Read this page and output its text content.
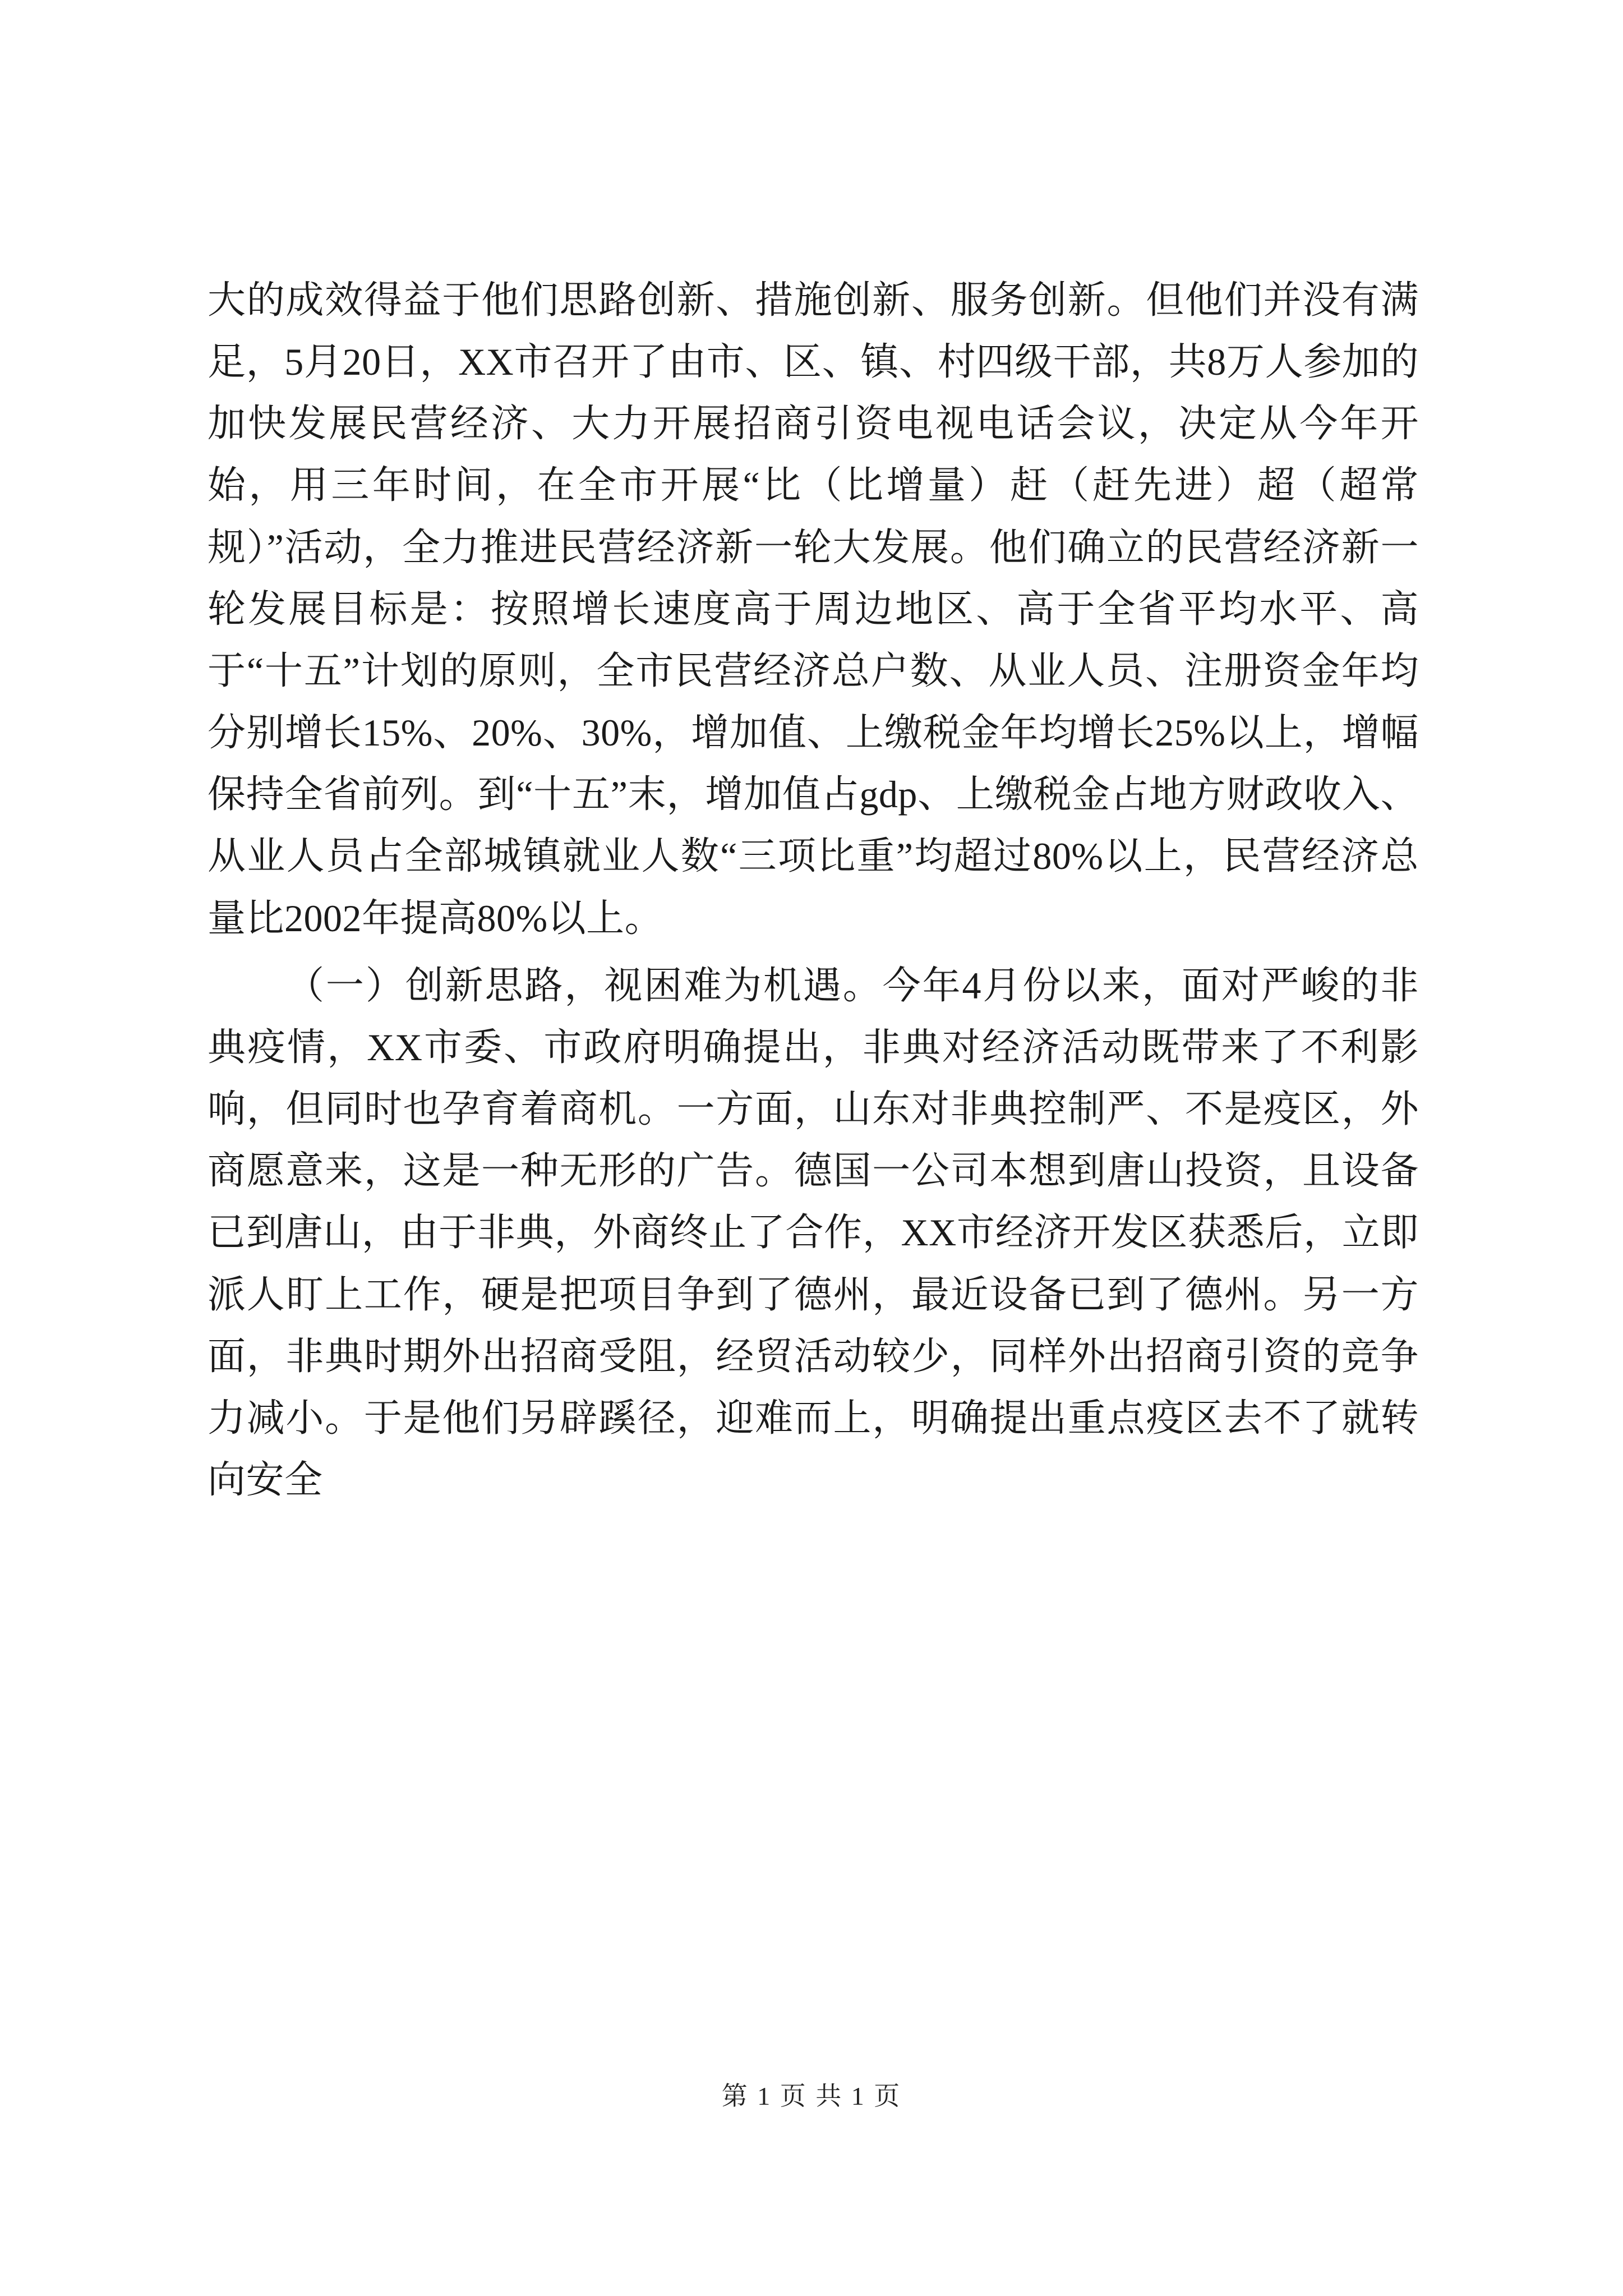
大的成效得益于他们思路创新、措施创新、服务创新。但他们并没有满足，5月20日，XX市召开了由市、区、镇、村四级干部，共8万人参加的加快发展民营经济、大力开展招商引资电视电话会议，决定从今年开始，用三年时间，在全市开展“比（比增量）赶（赶先进）超（超常规）”活动，全力推进民营经济新一轮大发展。他们确立的民营经济新一轮发展目标是：按照增长速度高于周边地区、高于全省平均水平、高于“十五”计划的原则，全市民营经济总户数、从业人员、注册资金年均分别增长15%、20%、30%，增加值、上缴税金年均增长25%以上，增幅保持全省前列。到“十五”末，增加值占gdp、上缴税金占地方财政收入、从业人员占全部城镇就业人数“三项比重”均超过80%以上，民营经济总量比2002年提高80%以上。

（一）创新思路，视困难为机遇。今年4月份以来，面对严峻的非典疫情，XX市委、市政府明确提出，非典对经济活动既带来了不利影响，但同时也孕育着商机。一方面，山东对非典控制严、不是疫区，外商愿意来，这是一种无形的广告。德国一公司本想到唐山投资，且设备已到唐山，由于非典，外商终止了合作，XX市经济开发区获悉后，立即派人盯上工作，硬是把项目争到了德州，最近设备已到了德州。另一方面，非典时期外出招商受阻，经贸活动较少，同样外出招商引资的竞争力减小。于是他们另辟蹊径，迎难而上，明确提出重点疫区去不了就转向安全

第 1 页 共 1 页
